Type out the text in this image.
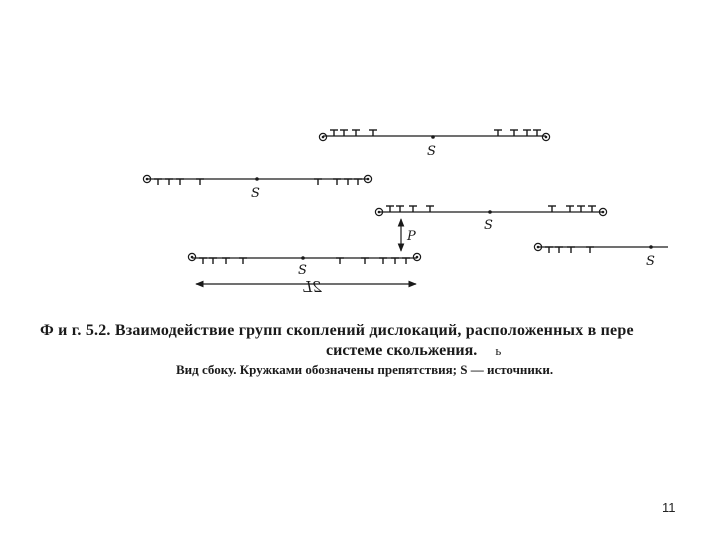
S
S
S
P
S
S
2L
Ф и г. 5.2. Взаимодействие групп скоплений дислокаций, расположенных в пере
системе скольжения. ь
Вид сбоку. Кружками обозначены препятствия; S — источники.
11
